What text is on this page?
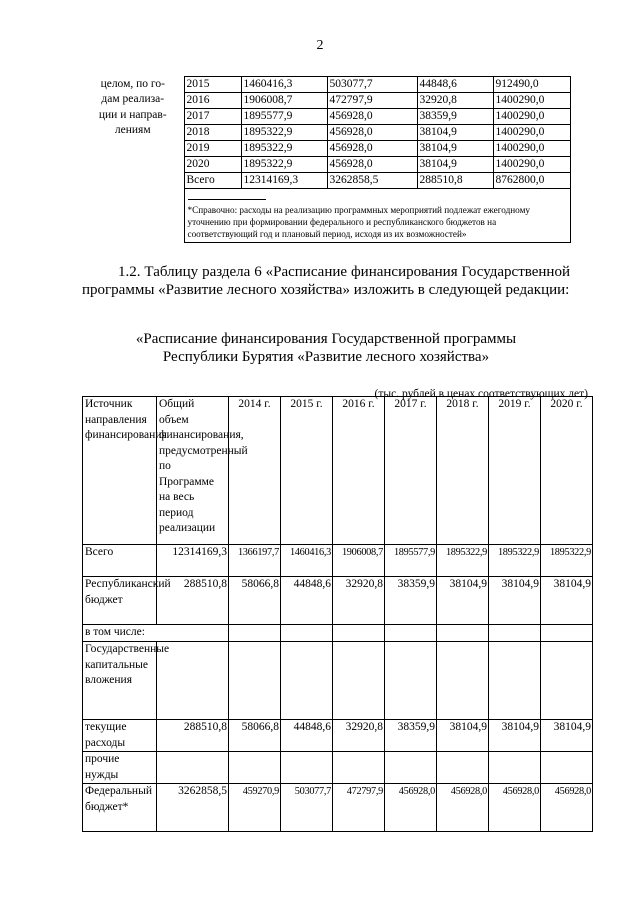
2
целом, по го-
дам реализа-
ции и направ-
лениям	2015	1460416,3	503077,7	44848,6	912490,0
	2016	1906008,7	472797,9	32920,8	1400290,0
	2017	1895577,9	456928,0	38359,9	1400290,0
	2018	1895322,9	456928,0	38104,9	1400290,0
	2019	1895322,9	456928,0	38104,9	1400290,0
	2020	1895322,9	456928,0	38104,9	1400290,0
	Всего	12314169,3	3262858,5	288510,8	8762800,0

*Справочно: расходы на реализацию программных мероприятий подлежат ежегодному уточнению при формировании федерального и республиканского бюджетов на соответствующий год и плановый период, исходя из их возможностей»				
1.2. Таблицу раздела 6 «Расписание финансирования Государственной программы «Развитие лесного хозяйства» изложить в следующей редакции:
«Расписание финансирования Государственной программы
Республики Бурятия «Развитие лесного хозяйства»
(тыс. рублей в ценах соответствующих лет)
Источник направления финансирования	Общий объем финансирования, предусмотренный по Программе на весь период реализации	2014 г.	2015 г.	2016 г.	2017 г.	2018 г.	2019 г.	2020 г.
Всего	12314169,3	1366197,7	1460416,3	1906008,7	1895577,9	1895322,9	1895322,9	1895322,9
Республиканский бюджет	288510,8	58066,8	44848,6	32920,8	38359,9	38104,9	38104,9	38104,9
в том числе:								
Государственные капитальные вложения								
текущие расходы	288510,8	58066,8	44848,6	32920,8	38359,9	38104,9	38104,9	38104,9
прочие нужды								
Федеральный бюджет*	3262858,5	459270,9	503077,7	472797,9	456928,0	456928,0	456928,0	456928,0
